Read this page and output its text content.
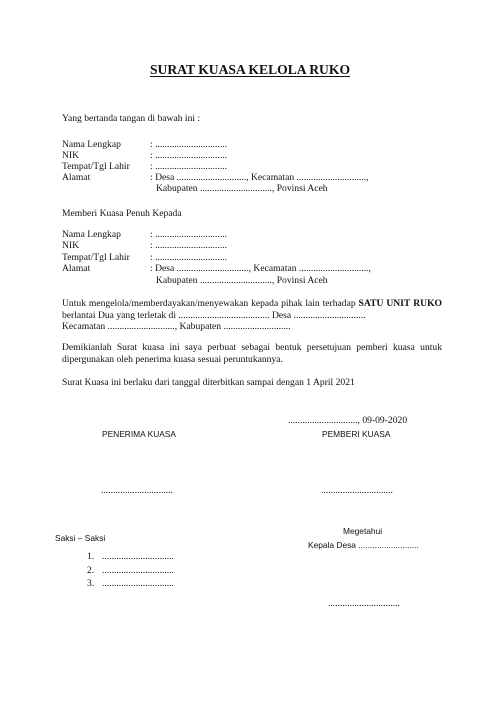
SURAT KUASA KELOLA RUKO
Yang bertanda tangan di bawah ini :
Nama Lengkap	: ..............................
NIK	: ..............................
Tempat/Tgl Lahir : ..............................
Alamat	: Desa ............................., Kecamatan .............................,
Kabupaten .............................., Povinsi Aceh
Memberi Kuasa Penuh Kepada
Nama Lengkap	: ..............................
NIK	: ..............................
Tempat/Tgl Lahir : ..............................
Alamat	: Desa .............................., Kecamatan .............................,
Kabupaten .............................., Povinsi Aceh
Untuk mengelola/memberdayakan/menyewakan kepada pihak lain terhadap SATU UNIT RUKO berlantai Dua yang terletak di ...................................... Desa ..............................
Kecamatan ............................, Kabupaten ............................
Demikianlah Surat kuasa ini saya perbuat sebagai bentuk persetujuan pemberi kuasa untuk dipergunakan oleh penerima kuasa sesuai peruntukannya.
Surat Kuasa ini berlaku dari tanggal diterbitkan sampai dengan 1 April 2021
............................., 09-09-2020
PENERIMA KUASA	PEMBERI KUASA
..............................	..............................
Megetahui
Saksi – Saksi
Kepala Desa ..........................
1. ..............................
2. ..............................
3. ..............................
..............................
